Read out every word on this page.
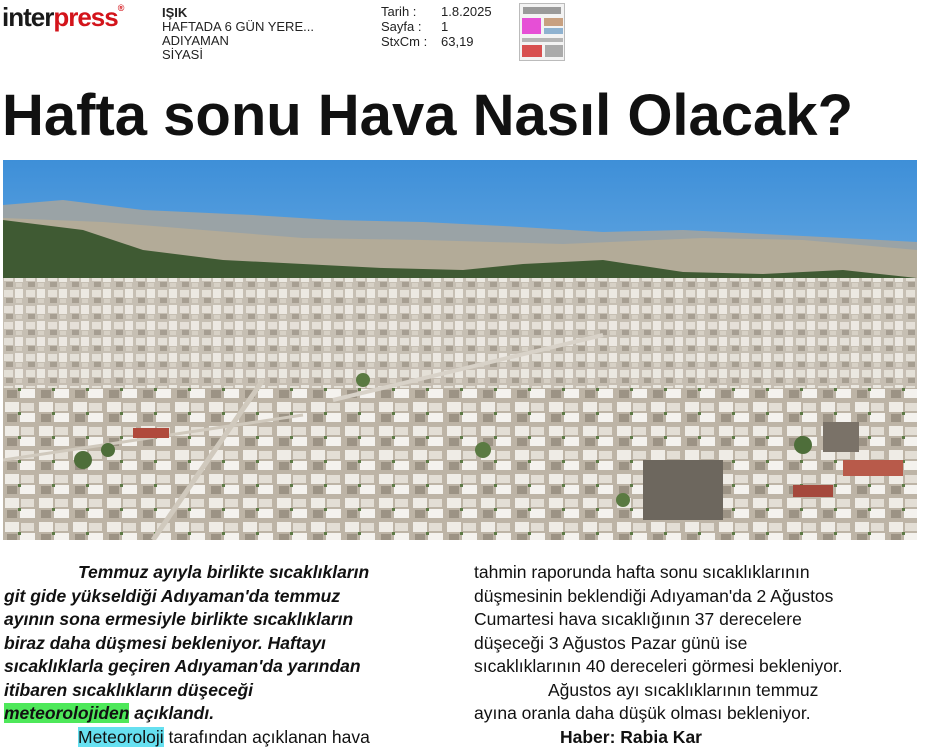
interpress®	IŞIK
HAFTADA 6 GÜN YERE...
ADIYAMAN
SİYASİ
Tarih :	1.8.2025
Sayfa :	1
StxCm :	63,19
Hafta sonu Hava Nasıl Olacak?
Temmuz ayıyla birlikte sıcaklıkların
git gide yükseldiği Adıyaman'da temmuz
ayının sona ermesiyle birlikte sıcaklıkların
biraz daha düşmesi bekleniyor. Haftayı
sıcaklıklarla geçiren Adıyaman'da yarından
itibaren sıcaklıkların düşeceği
meteorolojiden açıklandı.
Meteoroloji tarafından açıklanan hava
tahmin raporunda hafta sonu sıcaklıklarının
düşmesinin beklendiği Adıyaman'da 2 Ağustos
Cumartesi hava sıcaklığının 37 derecelere
düşeceği 3 Ağustos Pazar günü ise
sıcaklıklarının 40 dereceleri görmesi bekleniyor.
Ağustos ayı sıcaklıklarının temmuz
ayına oranla daha düşük olması bekleniyor.
Haber: Rabia Kar
